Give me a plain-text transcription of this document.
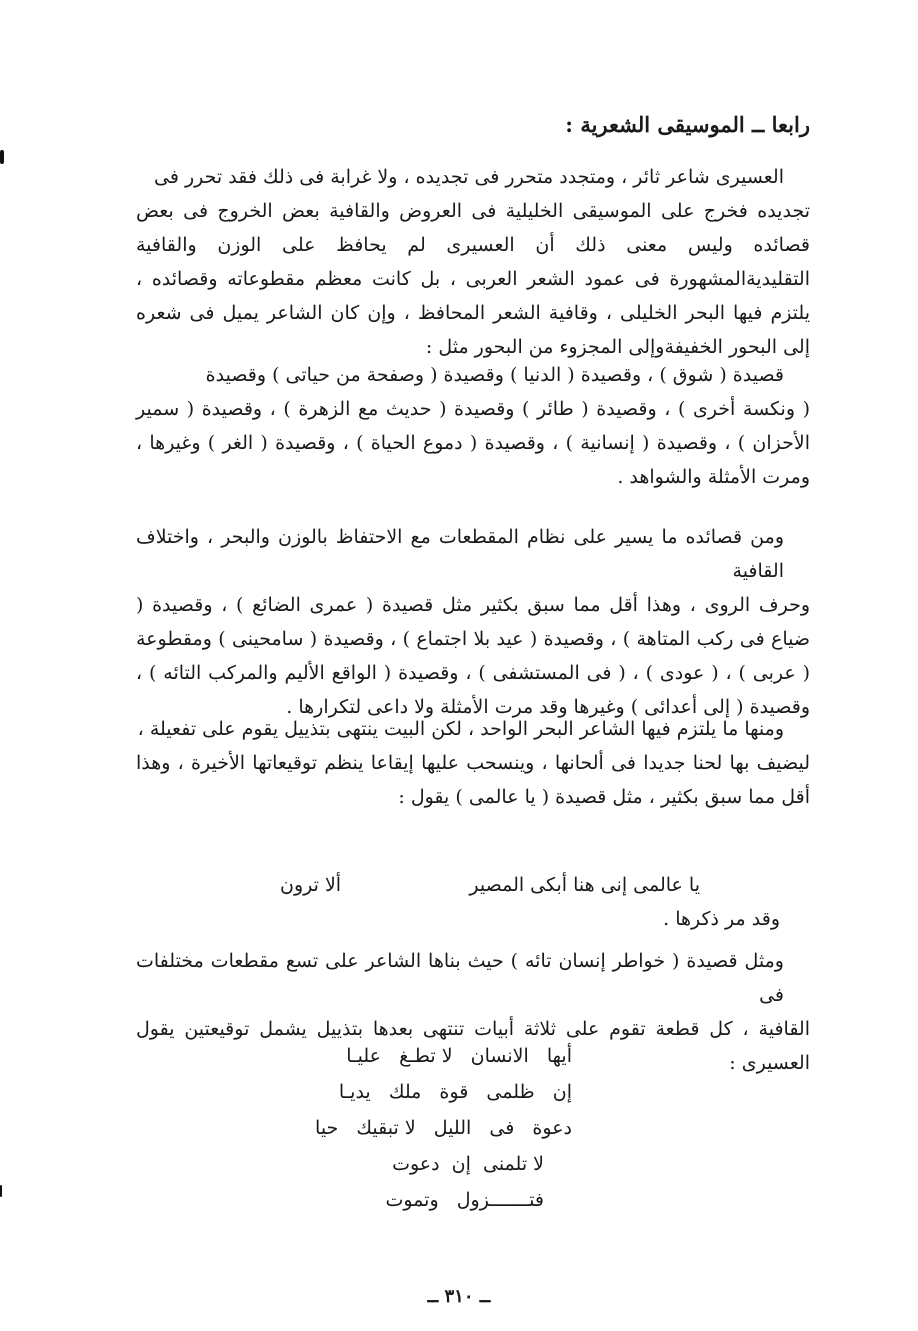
رابعا ــ الموسيقى الشعرية :
العسيرى شاعر ثائر ، ومتجدد متحرر فى تجديده ، ولا غرابة فى ذلك فقد تحرر فى
تجديده فخرج على الموسيقى الخليلية فى العروض والقافية بعض الخروج فى بعض قصائده وليس معنى ذلك أن العسيرى لم يحافظ على الوزن والقافية التقليديةالمشهورة فى عمود الشعر العربى ، بل كانت معظم مقطوعاته وقصائده ، يلتزم فيها البحر الخليلى ، وقافية الشعر المحافظ ، وإن كان الشاعر يميل فى شعره إلى البحور الخفيفةوإلى المجزوء من البحور مثل :
قصيدة ( شوق ) ، وقصيدة ( الدنيا ) وقصيدة ( وصفحة من حياتى ) وقصيدة
( ونكسة أخرى ) ، وقصيدة ( طائر ) وقصيدة ( حديث مع الزهرة ) ، وقصيدة ( سمير الأحزان ) ، وقصيدة ( إنسانية ) ، وقصيدة ( دموع الحياة ) ، وقصيدة ( الغر ) وغيرها ، ومرت الأمثلة والشواهد .
ومن قصائده ما يسير على نظام المقطعات مع الاحتفاظ بالوزن والبحر ، واختلاف القافية
وحرف الروى ، وهذا أقل مما سبق بكثير مثل قصيدة ( عمرى الضائع ) ، وقصيدة ( ضياع فى ركب المتاهة ) ، وقصيدة ( عيد بلا اجتماع ) ، وقصيدة ( سامحينى ) ومقطوعة ( عربى ) ، ( عودى ) ، ( فى المستشفى ) ، وقصيدة ( الواقع الأليم والمركب التائه ) ، وقصيدة ( إلى أعدائى ) وغيرها وقد مرت الأمثلة ولا داعى لتكرارها .
ومنها ما يلتزم فيها الشاعر البحر الواحد ، لكن البيت ينتهى بتذييل يقوم على تفعيلة ،
ليضيف بها لحنا جديدا فى ألحانها ، وينسحب عليها إيقاعا ينظم توقيعاتها الأخيرة ، وهذا أقل مما سبق بكثير ، مثل قصيدة ( يا عالمى ) يقول :
يا عالمى إنى هنا أبكى المصير
ألا ترون
وقد مر ذكرها .
ومثل قصيدة ( خواطر إنسان تائه ) حيث بناها الشاعر على تسع مقطعات مختلفات فى
القافية ، كل قطعة تقوم على ثلاثة أبيات تنتهى بعدها بتذييل يشمل توقيعتين يقول العسيرى :
أيها   الانسان   لا تطـغ   عليـا
إن   ظلمى   قوة   ملك   يديـا
دعوة   فى   الليل   لا تبقيك   حيا
لا تلمنى  إن  دعوت
فتـــــــزول   وتموت
ــ ٣١٠ ــ
